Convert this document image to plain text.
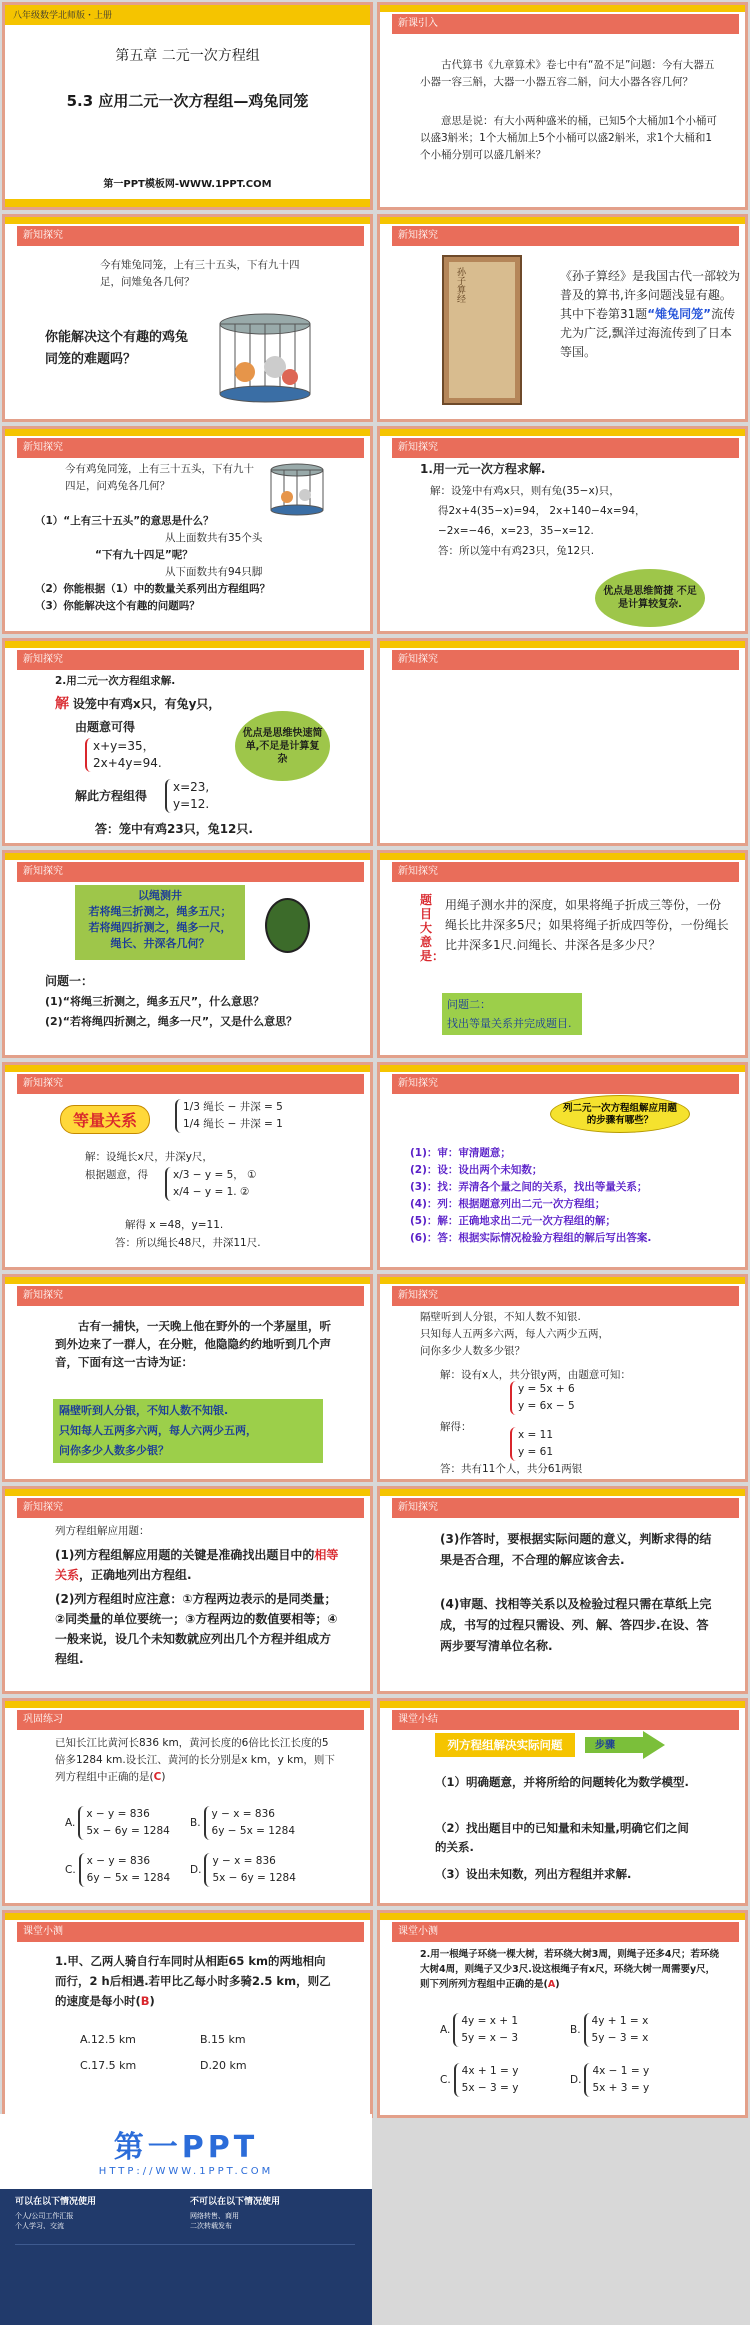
八年级数学北师版・上册
第五章 二元一次方程组
5.3 应用二元一次方程组—鸡兔同笼
第一PPT模板网-WWW.1PPT.COM
新课引入
古代算书《九章算术》卷七中有“盈不足”问题：今有大器五小器一容三斛，大器一小器五容二斛，问大小器各容几何？
意思是说：有大小两种盛米的桶，已知5个大桶加1个小桶可以盛3斛米；1个大桶加上5个小桶可以盛2斛米，求1个大桶和1个小桶分别可以盛几斛米？
新知探究
今有雉兔同笼，上有三十五头，下有九十四足，问雉兔各几何？
你能解决这个有趣的鸡兔同笼的难题吗？
新知探究
孙子算经	《孙子算经》是我国古代一部较为普及的算书,许多问题浅显有趣。其中下卷第31题“雉兔同笼”流传尤为广泛,飘洋过海流传到了日本等国。
新知探究
今有鸡兔同笼，上有三十五头，下有九十四足，问鸡兔各几何？
（1）“上有三十五头”的意思是什么？
从上面数共有35个头
“下有九十四足”呢？
从下面数共有94只脚
（2）你能根据（1）中的数量关系列出方程组吗？
（3）你能解决这个有趣的问题吗？
新知探究
1.用一元一次方程求解.
解：设笼中有鸡x只，则有兔(35−x)只，
得2x+4(35−x)=94， 2x+140−4x=94，
−2x=−46，x=23，35−x=12.
答：所以笼中有鸡23只，兔12只.
优点是思维简捷 不足是计算较复杂.
新知探究
2.用二元一次方程组求解.
解 设笼中有鸡x只，有兔y只，
由题意可得
x+y=35，
2x+4y=94.
解此方程组得
x=23,
y=12.
答：笼中有鸡23只，兔12只.
优点是思维快速简单,不足是计算复杂
新知探究
新知探究
以绳测井
若将绳三折测之，绳多五尺；
若将绳四折测之，绳多一尺，
绳长、井深各几何？
问题一：
(1)“将绳三折测之，绳多五尺”，什么意思？
(2)“若将绳四折测之，绳多一尺”，又是什么意思？
新知探究
题目大意是：
用绳子测水井的深度，如果将绳子折成三等份，一份绳长比井深多5尺；如果将绳子折成四等份，一份绳长比井深多1尺.问绳长、井深各是多少尺？
问题二：
找出等量关系并完成题目.
新知探究
等量关系
1/3 绳长 − 井深 = 5
1/4 绳长 − 井深 = 1
解：设绳长x尺，井深y尺，
根据题意，得	x/3 − y = 5， ①
x/4 − y = 1. ②
解得 x =48，y=11.
答：所以绳长48尺，井深11尺.
新知探究
列二元一次方程组解应用题的步骤有哪些？
(1)：审：审清题意；
(2)：设：设出两个未知数；
(3)：找：弄清各个量之间的关系，找出等量关系；
(4)：列：根据题意列出二元一次方程组；
(5)：解：正确地求出二元一次方程组的解；
(6)：答：根据实际情况检验方程组的解后写出答案.
新知探究
古有一捕快，一天晚上他在野外的一个茅屋里，听到外边来了一群人，在分赃，他隐隐约约地听到几个声音，下面有这一古诗为证：
隔壁听到人分银，不知人数不知银.
只知每人五两多六两，每人六两少五两，
问你多少人数多少银？
新知探究
隔壁听到人分银，不知人数不知银.
只知每人五两多六两，每人六两少五两，
问你多少人数多少银？
解：设有x人，共分银y两，由题意可知：
y = 5x + 6
y = 6x − 5
解得：
x = 11
y = 61
答：共有11个人，共分61两银
新知探究
列方程组解应用题：
(1)列方程组解应用题的关键是准确找出题目中的相等关系，正确地列出方程组.
(2)列方程组时应注意：①方程两边表示的是同类量；②同类量的单位要统一；③方程两边的数值要相等；④一般来说，设几个未知数就应列出几个方程并组成方程组.
新知探究
(3)作答时，要根据实际问题的意义，判断求得的结果是否合理，不合理的解应该舍去.
(4)审题、找相等关系以及检验过程只需在草纸上完成，书写的过程只需设、列、解、答四步.在设、答两步要写清单位名称.
巩固练习
已知长江比黄河长836 km，黄河长度的6倍比长江长度的5倍多1284 km.设长江、黄河的长分别是x km，y km，则下列方程组中正确的是(C)
A.
x − y = 836
5x − 6y = 1284
B.
y − x = 836
6y − 5x = 1284
C.
x − y = 836
6y − 5x = 1284
D.
y − x = 836
5x − 6y = 1284
课堂小结
列方程组解决实际问题	步骤
（1）明确题意，并将所给的问题转化为数学模型.
（2）找出题目中的已知量和未知量,明确它们之间的关系.
（3）设出未知数，列出方程组并求解.
课堂小测
1.甲、乙两人骑自行车同时从相距65 km的两地相向而行，2 h后相遇.若甲比乙每小时多骑2.5 km，则乙的速度是每小时(B)
A.12.5 km	B.15 km
C.17.5 km	D.20 km
课堂小测
2.用一根绳子环绕一棵大树，若环绕大树3周，则绳子还多4尺；若环绕大树4周，则绳子又少3尺.设这根绳子有x尺，环绕大树一周需要y尺，则下列所列方程组中正确的是(A)
A.
4y = x + 1
5y = x − 3
B.
4y + 1 = x
5y − 3 = x
C.
4x + 1 = y
5x − 3 = y
D.
4x − 1 = y
5x + 3 = y
第一PPT
HTTP://WWW.1PPT.COM
可以在以下情况使用
个人/公司工作汇报
个人学习、交流
不可以在以下情况使用
网络转售、商用
二次转载发布
